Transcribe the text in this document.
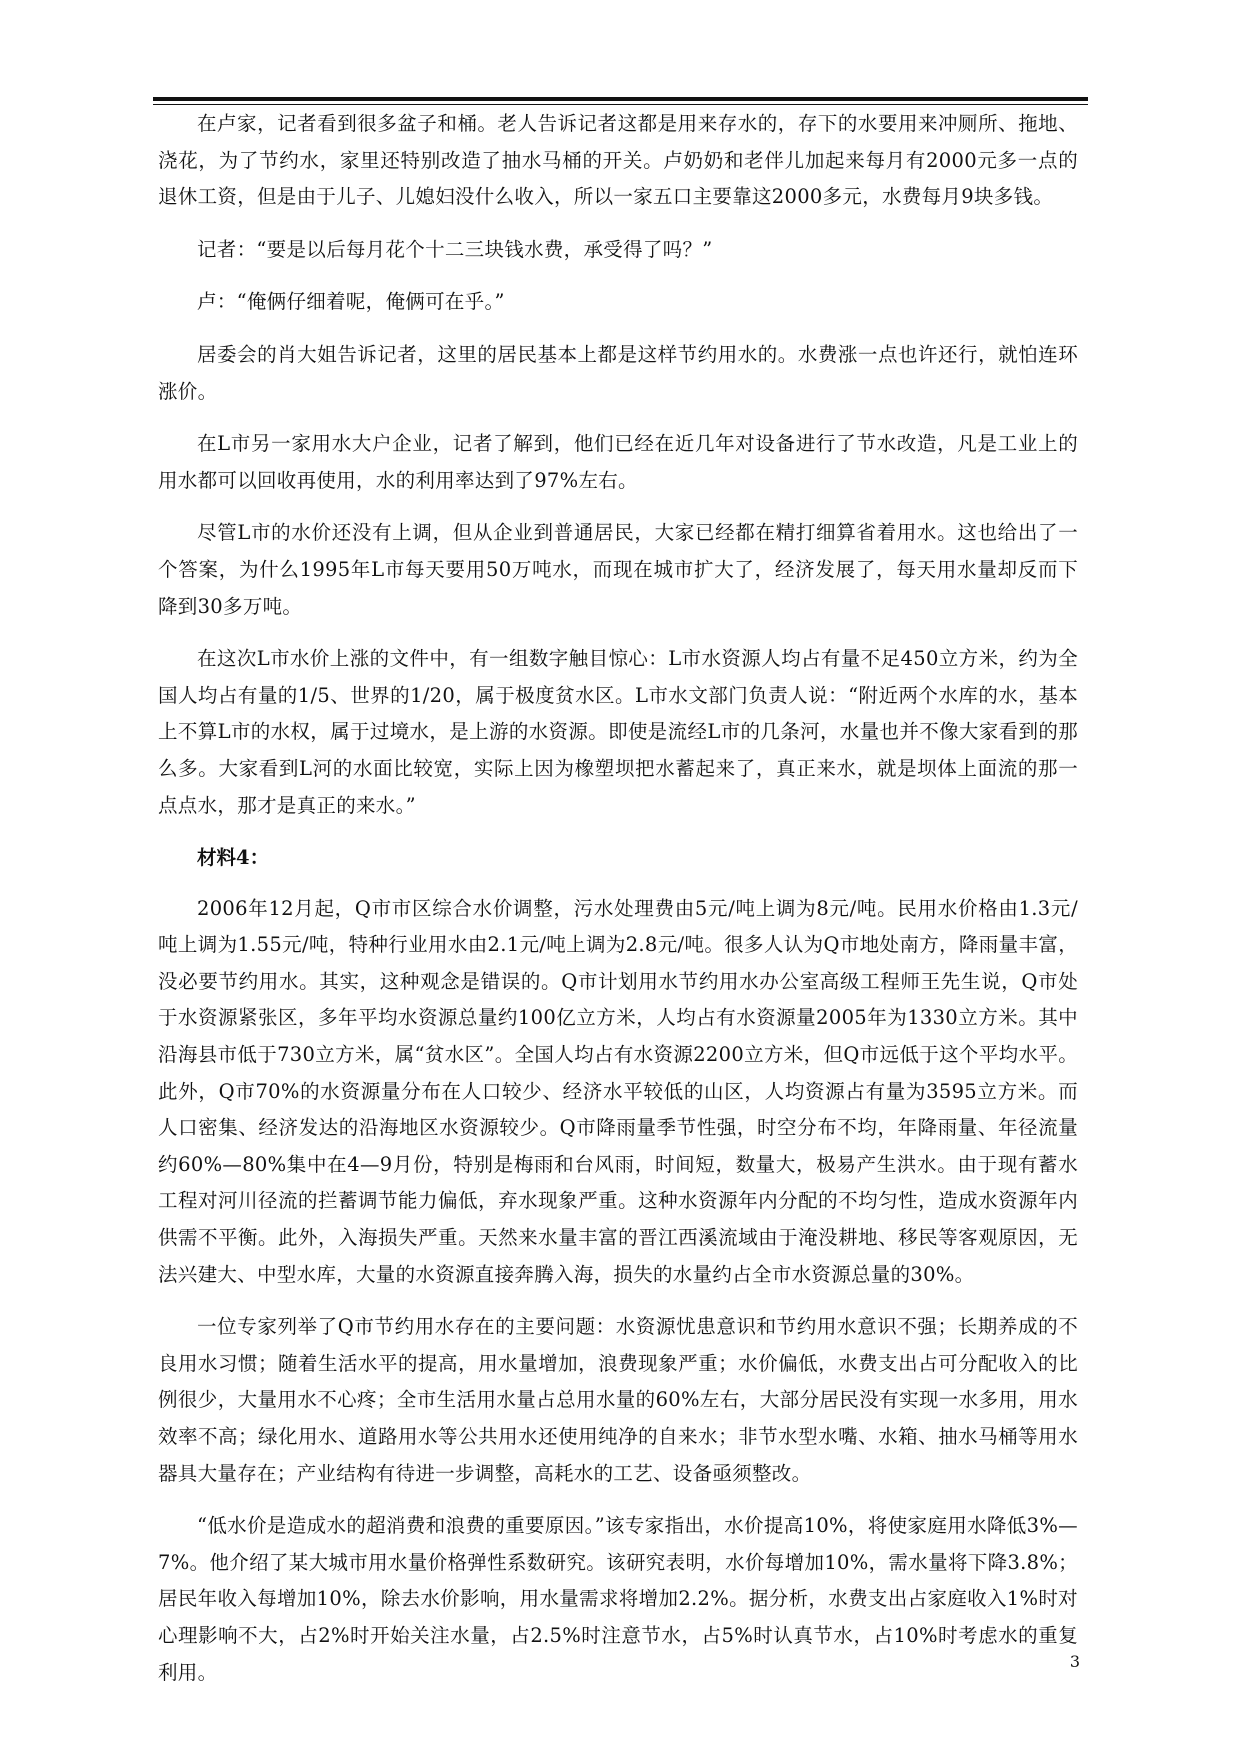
在卢家，记者看到很多盆子和桶。老人告诉记者这都是用来存水的，存下的水要用来冲厕所、拖地、浇花，为了节约水，家里还特别改造了抽水马桶的开关。卢奶奶和老伴儿加起来每月有2000元多一点的退休工资，但是由于儿子、儿媳妇没什么收入，所以一家五口主要靠这2000多元，水费每月9块多钱。

记者：“要是以后每月花个十二三块钱水费，承受得了吗？”

卢：“俺俩仔细着呢，俺俩可在乎。”

居委会的肖大姐告诉记者，这里的居民基本上都是这样节约用水的。水费涨一点也许还行，就怕连环涨价。

在L市另一家用水大户企业，记者了解到，他们已经在近几年对设备进行了节水改造，凡是工业上的用水都可以回收再使用，水的利用率达到了97%左右。

尽管L市的水价还没有上调，但从企业到普通居民，大家已经都在精打细算省着用水。这也给出了一个答案，为什么1995年L市每天要用50万吨水，而现在城市扩大了，经济发展了，每天用水量却反而下降到30多万吨。

在这次L市水价上涨的文件中，有一组数字触目惊心：L市水资源人均占有量不足450立方米，约为全国人均占有量的1/5、世界的1/20，属于极度贫水区。L市水文部门负责人说：“附近两个水库的水，基本上不算L市的水权，属于过境水，是上游的水资源。即使是流经L市的几条河，水量也并不像大家看到的那么多。大家看到L河的水面比较宽，实际上因为橡塑坝把水蓄起来了，真正来水，就是坝体上面流的那一点点水，那才是真正的来水。”

材料4：

2006年12月起，Q市市区综合水价调整，污水处理费由5元/吨上调为8元/吨。民用水价格由1.3元/吨上调为1.55元/吨，特种行业用水由2.1元/吨上调为2.8元/吨。很多人认为Q市地处南方，降雨量丰富，没必要节约用水。其实，这种观念是错误的。Q市计划用水节约用水办公室高级工程师王先生说，Q市处于水资源紧张区，多年平均水资源总量约100亿立方米，人均占有水资源量2005年为1330立方米。其中沿海县市低于730立方米，属“贫水区”。全国人均占有水资源2200立方米，但Q市远低于这个平均水平。此外，Q市70%的水资源量分布在人口较少、经济水平较低的山区，人均资源占有量为3595立方米。而人口密集、经济发达的沿海地区水资源较少。Q市降雨量季节性强，时空分布不均，年降雨量、年径流量约60%—80%集中在4—9月份，特别是梅雨和台风雨，时间短，数量大，极易产生洪水。由于现有蓄水工程对河川径流的拦蓄调节能力偏低，弃水现象严重。这种水资源年内分配的不均匀性，造成水资源年内供需不平衡。此外，入海损失严重。天然来水量丰富的晋江西溪流域由于淹没耕地、移民等客观原因，无法兴建大、中型水库，大量的水资源直接奔腾入海，损失的水量约占全市水资源总量的30%。

一位专家列举了Q市节约用水存在的主要问题：水资源忧患意识和节约用水意识不强；长期养成的不良用水习惯；随着生活水平的提高，用水量增加，浪费现象严重；水价偏低，水费支出占可分配收入的比例很少，大量用水不心疼；全市生活用水量占总用水量的60%左右，大部分居民没有实现一水多用，用水效率不高；绿化用水、道路用水等公共用水还使用纯净的自来水；非节水型水嘴、水箱、抽水马桶等用水器具大量存在；产业结构有待进一步调整，高耗水的工艺、设备亟须整改。

“低水价是造成水的超消费和浪费的重要原因。”该专家指出，水价提高10%，将使家庭用水降低3%—7%。他介绍了某大城市用水量价格弹性系数研究。该研究表明，水价每增加10%，需水量将下降3.8%；居民年收入每增加10%，除去水价影响，用水量需求将增加2.2%。据分析，水费支出占家庭收入1%时对心理影响不大，占2%时开始关注水量，占2.5%时注意节水，占5%时认真节水，占10%时考虑水的重复利用。	3
